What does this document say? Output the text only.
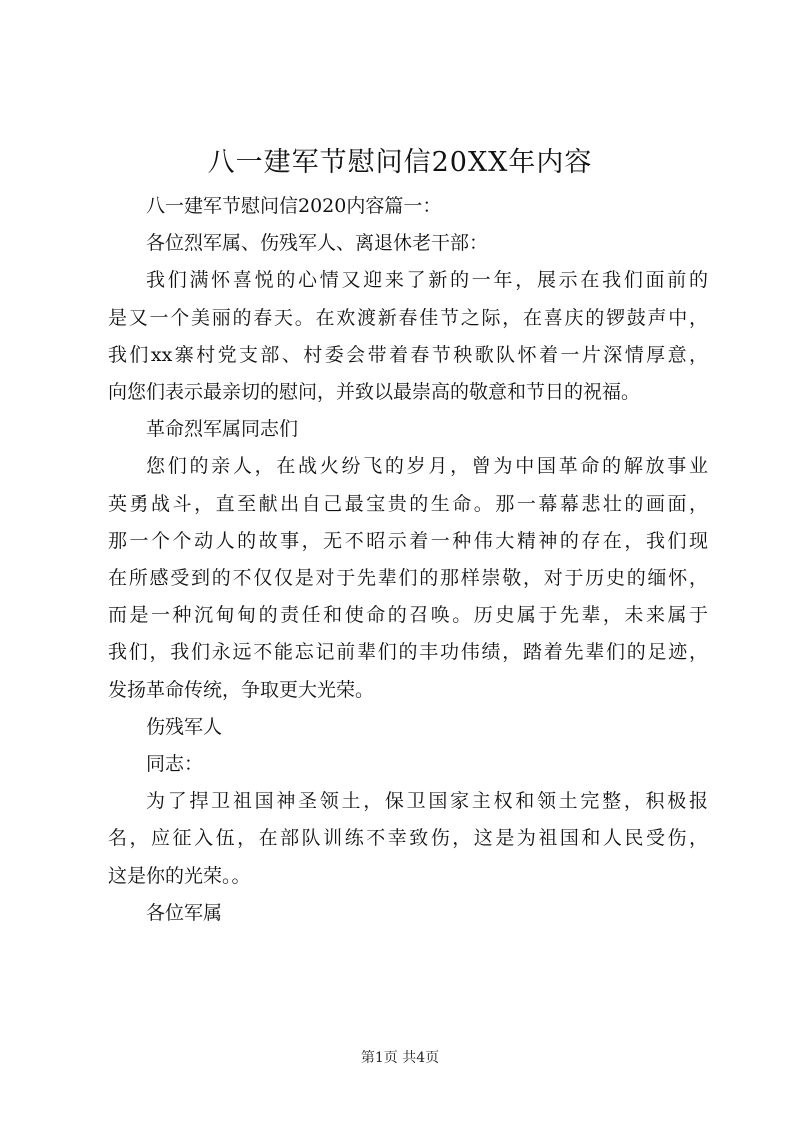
八一建军节慰问信20XX年内容
八一建军节慰问信2020内容篇一：
各位烈军属、伤残军人、离退休老干部：
我们满怀喜悦的心情又迎来了新的一年，展示在我们面前的
是又一个美丽的春天。在欢渡新春佳节之际，在喜庆的锣鼓声中，
我们xx寨村党支部、村委会带着春节秧歌队怀着一片深情厚意，
向您们表示最亲切的慰问，并致以最崇高的敬意和节日的祝福。
革命烈军属同志们
您们的亲人，在战火纷飞的岁月，曾为中国革命的解放事业
英勇战斗，直至献出自己最宝贵的生命。那一幕幕悲壮的画面，
那一个个动人的故事，无不昭示着一种伟大精神的存在，我们现
在所感受到的不仅仅是对于先辈们的那样崇敬，对于历史的缅怀，
而是一种沉甸甸的责任和使命的召唤。历史属于先辈，未来属于
我们，我们永远不能忘记前辈们的丰功伟绩，踏着先辈们的足迹，
发扬革命传统，争取更大光荣。
伤残军人
同志：
为了捍卫祖国神圣领土，保卫国家主权和领土完整，积极报
名，应征入伍，在部队训练不幸致伤，这是为祖国和人民受伤，
这是你的光荣。。
各位军属
第1页 共4页
